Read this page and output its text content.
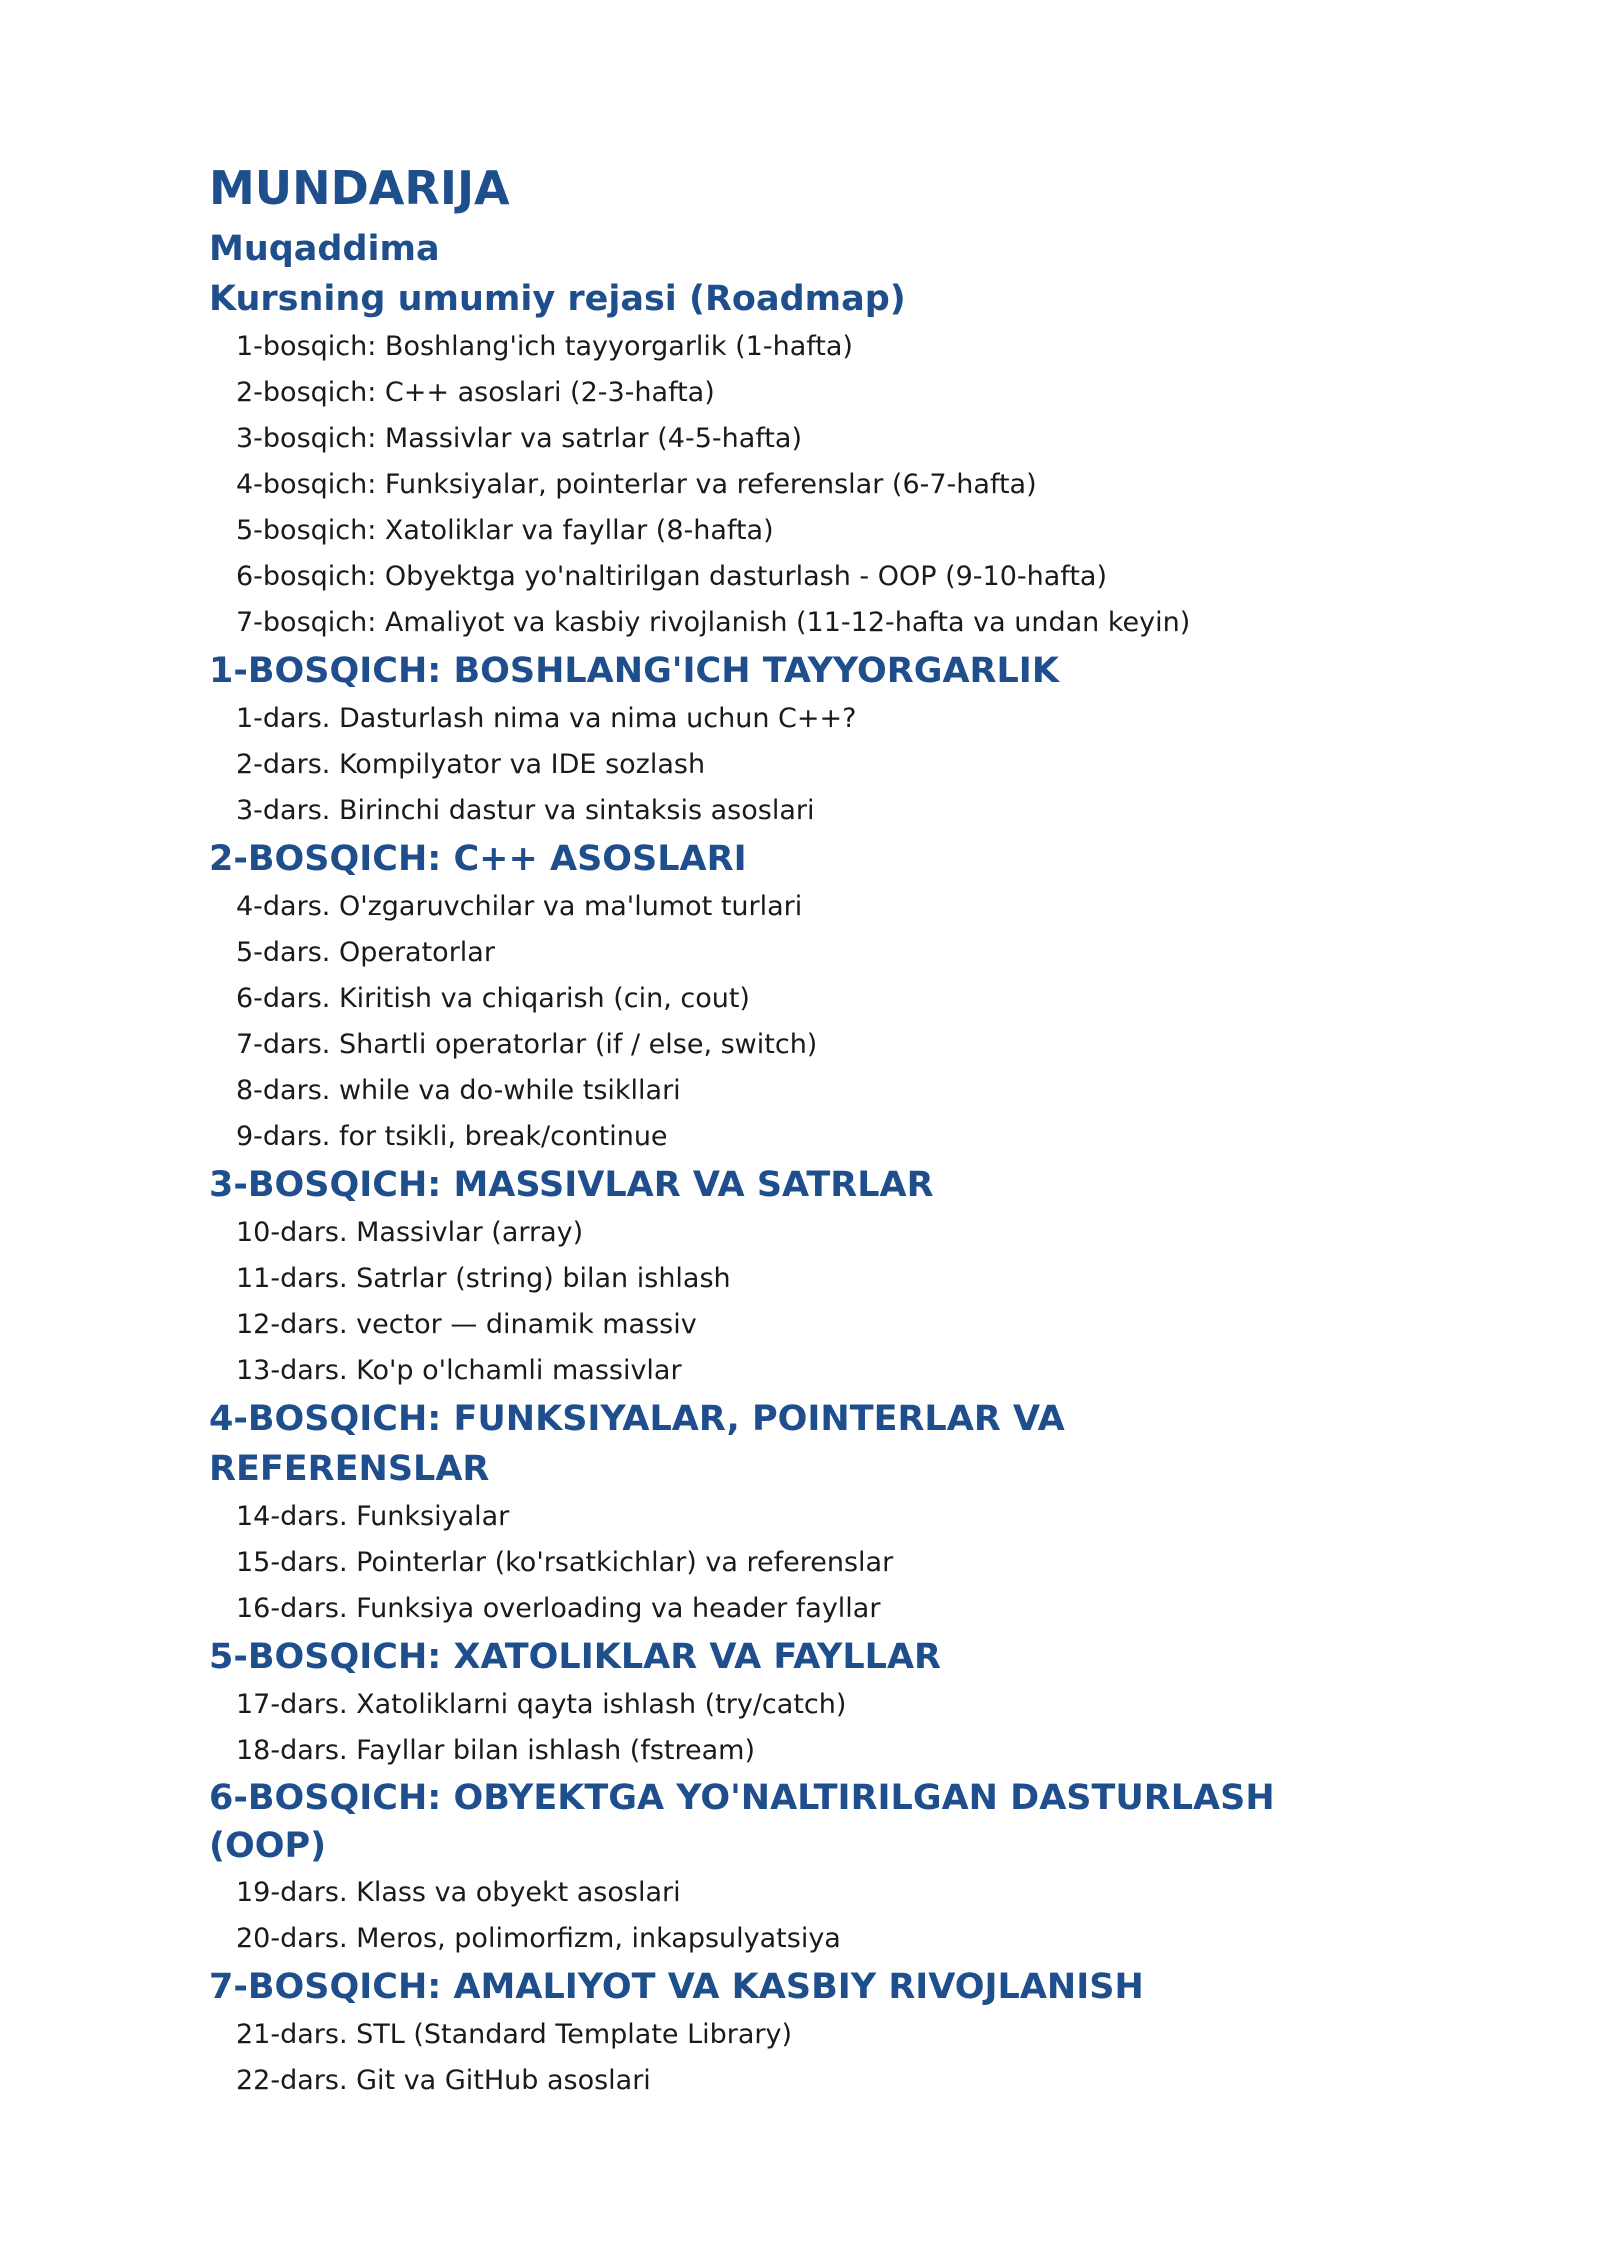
MUNDARIJA
Muqaddima
Kursning umumiy rejasi (Roadmap)
1-bosqich: Boshlang'ich tayyorgarlik (1-hafta)
2-bosqich: C++ asoslari (2-3-hafta)
3-bosqich: Massivlar va satrlar (4-5-hafta)
4-bosqich: Funksiyalar, pointerlar va referenslar (6-7-hafta)
5-bosqich: Xatoliklar va fayllar (8-hafta)
6-bosqich: Obyektga yo'naltirilgan dasturlash - OOP (9-10-hafta)
7-bosqich: Amaliyot va kasbiy rivojlanish (11-12-hafta va undan keyin)
1-BOSQICH: BOSHLANG'ICH TAYYORGARLIK
1-dars. Dasturlash nima va nima uchun C++?
2-dars. Kompilyator va IDE sozlash
3-dars. Birinchi dastur va sintaksis asoslari
2-BOSQICH: C++ ASOSLARI
4-dars. O'zgaruvchilar va ma'lumot turlari
5-dars. Operatorlar
6-dars. Kiritish va chiqarish (cin, cout)
7-dars. Shartli operatorlar (if / else, switch)
8-dars. while va do-while tsikllari
9-dars. for tsikli, break/continue
3-BOSQICH: MASSIVLAR VA SATRLAR
10-dars. Massivlar (array)
11-dars. Satrlar (string) bilan ishlash
12-dars. vector — dinamik massiv
13-dars. Ko'p o'lchamli massivlar
4-BOSQICH: FUNKSIYALAR, POINTERLAR VA REFERENSLAR
14-dars. Funksiyalar
15-dars. Pointerlar (ko'rsatkichlar) va referenslar
16-dars. Funksiya overloading va header fayllar
5-BOSQICH: XATOLIKLAR VA FAYLLAR
17-dars. Xatoliklarni qayta ishlash (try/catch)
18-dars. Fayllar bilan ishlash (fstream)
6-BOSQICH: OBYEKTGA YO'NALTIRILGAN DASTURLASH (OOP)
19-dars. Klass va obyekt asoslari
20-dars. Meros, polimorfizm, inkapsulyatsiya
7-BOSQICH: AMALIYOT VA KASBIY RIVOJLANISH
21-dars. STL (Standard Template Library)
22-dars. Git va GitHub asoslari
